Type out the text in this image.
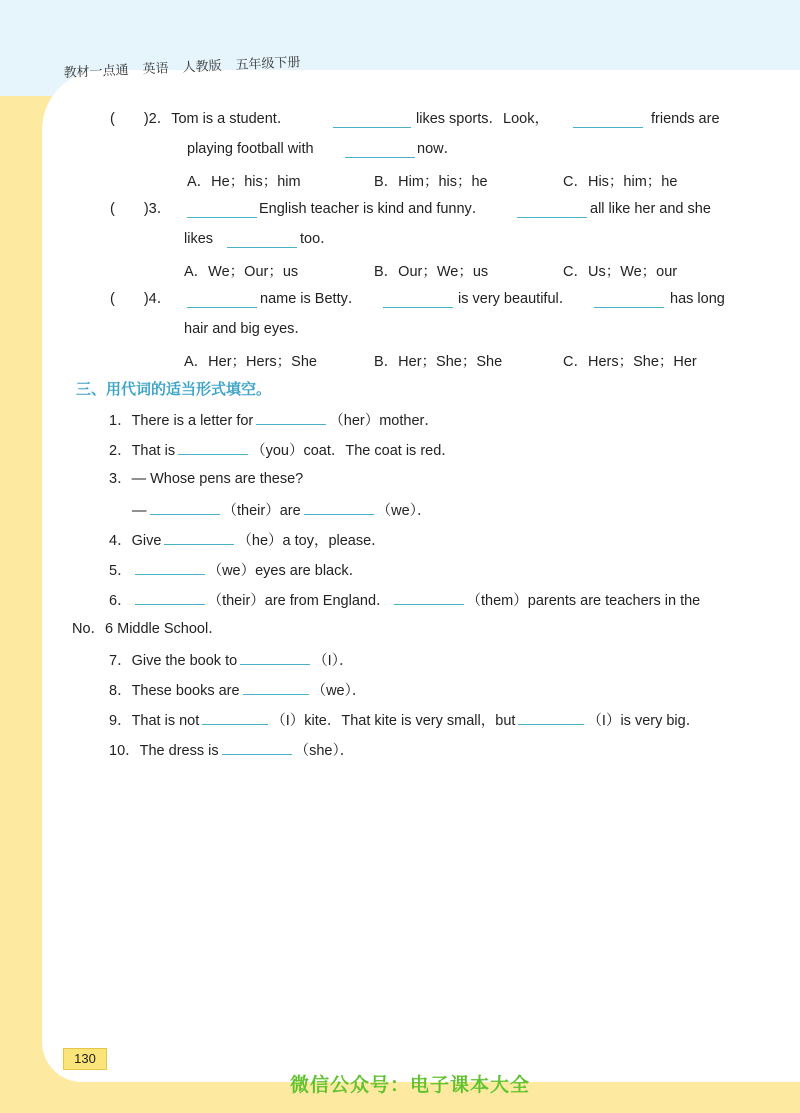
教材一点通 英语 人教版 五年级下册
(　　)2．Tom is a student．	likes sports．Look，	friends are
playing football with	now．
A．He；his；him	B．Him；his；he	C．His；him；he
(　　)3．	English teacher is kind and funny．	all like her and she
likes	too．
A．We；Our；us	B．Our；We；us	C．Us；We；our
(　　)4．	name is Betty．	is very beautiful．	has long
hair and big eyes．
A．Her；Hers；She	B．Her；She；She	C．Hers；She；Her
三、用代词的适当形式填空。
1．There is a letter for	（her）mother．
2．That is	（you）coat．The coat is red．
3．— Whose pens are these?
—	（their）are	（we）．
4．Give	（he）a toy，please．
5．	（we）eyes are black．
6．	（their）are from England．	（them）parents are teachers in the
No．6 Middle School．
7．Give the book to	（I）．
8．These books are	（we）．
9．That is not	（I）kite．That kite is very small，but	（I）is very big．
10．The dress is	（she）．
130
微信公众号：电子课本大全
